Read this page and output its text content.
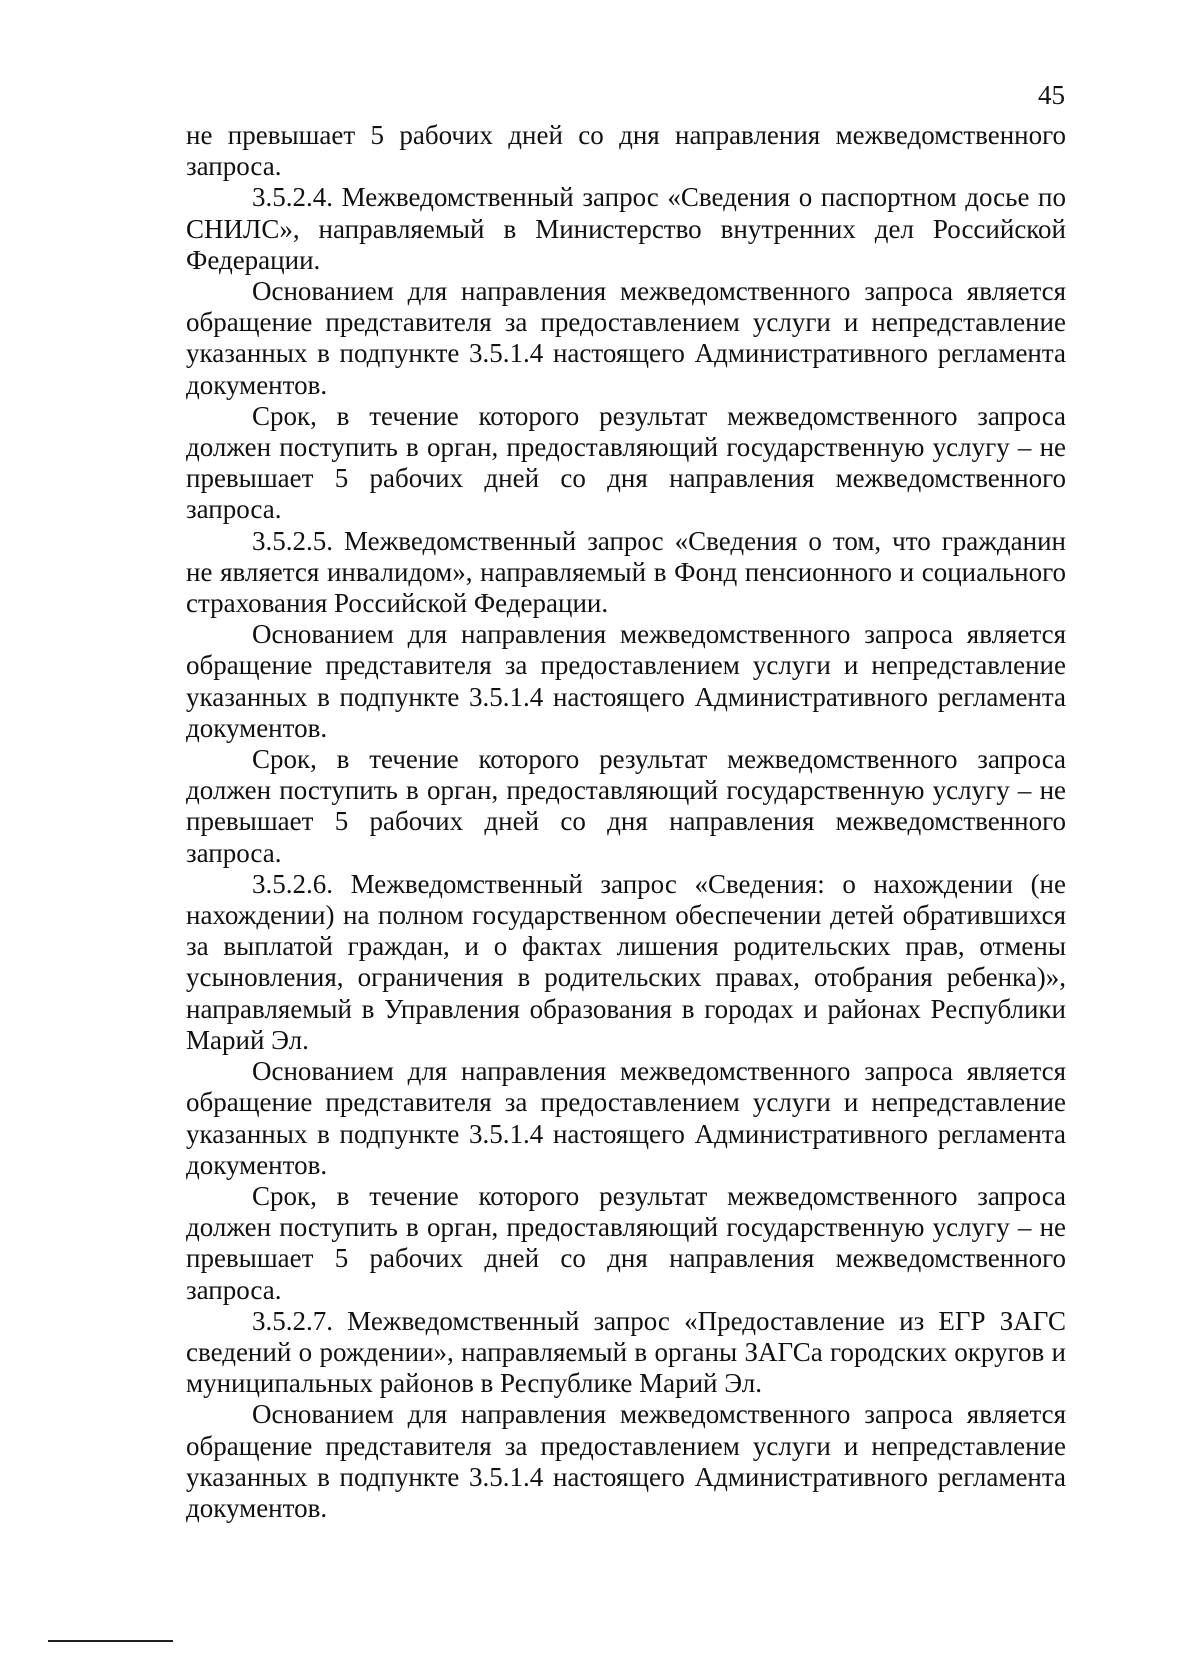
45

не превышает 5 рабочих дней со дня направления межведомственного запроса.

3.5.2.4. Межведомственный запрос «Сведения о паспортном досье по СНИЛС», направляемый в Министерство внутренних дел Российской Федерации.

Основанием для направления межведомственного запроса является обращение представителя за предоставлением услуги и непредставление указанных в подпункте 3.5.1.4 настоящего Административного регламента документов.

Срок, в течение которого результат межведомственного запроса должен поступить в орган, предоставляющий государственную услугу – не превышает 5 рабочих дней со дня направления межведомственного запроса.

3.5.2.5. Межведомственный запрос «Сведения о том, что гражданин не является инвалидом», направляемый в Фонд пенсионного и социального страхования Российской Федерации.

Основанием для направления межведомственного запроса является обращение представителя за предоставлением услуги и непредставление указанных в подпункте 3.5.1.4 настоящего Административного регламента документов.

Срок, в течение которого результат межведомственного запроса должен поступить в орган, предоставляющий государственную услугу – не превышает 5 рабочих дней со дня направления межведомственного запроса.

3.5.2.6. Межведомственный запрос «Сведения: о нахождении (не нахождении) на полном государственном обеспечении детей обратившихся за выплатой граждан, и о фактах лишения родительских прав, отмены усыновления, ограничения в родительских правах, отобрания ребенка)», направляемый в Управления образования в городах и районах Республики Марий Эл.

Основанием для направления межведомственного запроса является обращение представителя за предоставлением услуги и непредставление указанных в подпункте 3.5.1.4 настоящего Административного регламента документов.

Срок, в течение которого результат межведомственного запроса должен поступить в орган, предоставляющий государственную услугу – не превышает 5 рабочих дней со дня направления межведомственного запроса.

3.5.2.7. Межведомственный запрос «Предоставление из ЕГР ЗАГС сведений о рождении», направляемый в органы ЗАГСа городских округов и муниципальных районов в Республике Марий Эл.

Основанием для направления межведомственного запроса является обращение представителя за предоставлением услуги и непредставление указанных в подпункте 3.5.1.4 настоящего Административного регламента документов.
